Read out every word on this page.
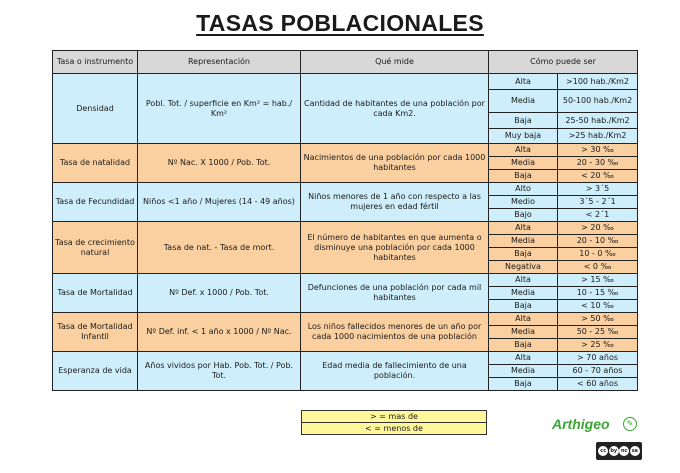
TASAS POBLACIONALES
Tasa o instrumento	Representación	Qué mide	Cómo puede ser	
Densidad	Pobl. Tot. / superficie en Km² = hab./ Km²	Cantidad de habitantes de una población por cada Km2.	Alta	>100 hab./Km2
			Media	50-100 hab./Km2
			Baja	25-50 hab./Km2
			Muy baja	>25 hab./Km2
Tasa de natalidad	Nº Nac. X 1000 / Pob. Tot.	Nacimientos de una población por cada 1000 habitantes	Alta	> 30 ‰
			Media	20 - 30 ‰
			Baja	< 20 ‰
Tasa de Fecundidad	Niños <1 año / Mujeres (14 - 49 años)	Niños menores de 1 año con respecto a las mujeres en edad fértil	Alto	> 3´5
			Medio	3´5 - 2´1
			Bajo	< 2´1
Tasa de crecimiento natural	Tasa de nat. - Tasa de mort.	El número de habitantes en que aumenta o disminuye una población por cada 1000 habitantes	Alta	> 20 ‰
			Media	20 - 10 ‰
			Baja	10 - 0 ‰
			Negativa	< 0 ‰
Tasa de Mortalidad	Nº Def. x 1000 / Pob. Tot.	Defunciones de una población por cada mil habitantes	Alta	> 15 ‰
			Media	10 - 15 ‰
			Baja	< 10 ‰
Tasa de Mortalidad Infantil	Nº Def. inf. < 1 año x 1000 / Nº Nac.	Los niños fallecidos menores de un año por cada 1000 nacimientos de una población	Alta	> 50 ‰
			Media	50 - 25 ‰
			Baja	> 25 ‰
Esperanza de vida	Años vividos por Hab. Pob. Tot. / Pob. Tot.	Edad media de fallecimiento de una población.	Alta	> 70 años
			Media	60 - 70 años
			Baja	< 60 años
> = mas de
< = menos de	Arthigeo	✎
cc by nc sa
